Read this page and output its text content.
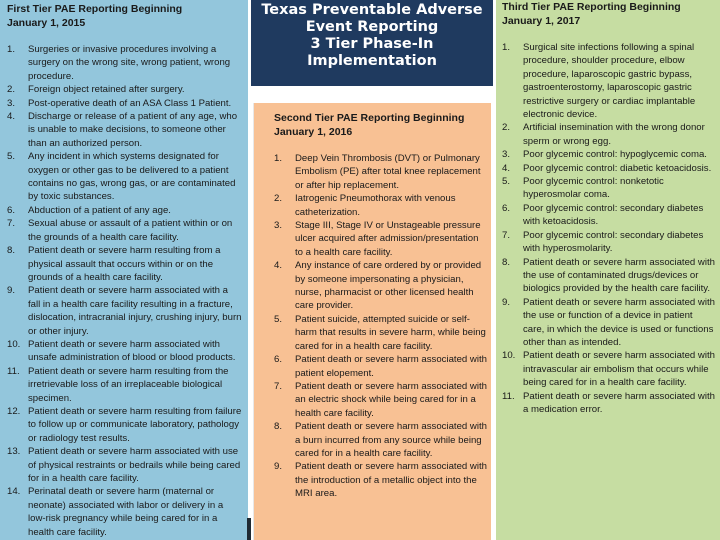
First Tier PAE Reporting Beginning
January 1, 2015
1. Surgeries or invasive procedures involving a surgery on the wrong site, wrong patient, wrong procedure.
2. Foreign object retained after surgery.
3. Post-operative death of an ASA Class 1 Patient.
4. Discharge or release of a patient of any age, who is unable to make decisions, to someone other than an authorized person.
5. Any incident in which systems designated for oxygen or other gas to be delivered to a patient contains no gas, wrong gas, or are contaminated by toxic substances.
6. Abduction of a patient of any age.
7. Sexual abuse or assault of a patient within or on the grounds of a health care facility.
8. Patient death or severe harm resulting from a physical assault that occurs within or on the grounds of a health care facility.
9. Patient death or severe harm associated with a fall in a health care facility resulting in a fracture, dislocation, intracranial injury, crushing injury, burn or other injury.
10. Patient death or severe harm associated with unsafe administration of blood or blood products.
11. Patient death or severe harm resulting from the irretrievable loss of an irreplaceable biological specimen.
12. Patient death or severe harm resulting from failure to follow up or communicate laboratory, pathology or radiology test results.
13. Patient death or severe harm associated with use of physical restraints or bedrails while being cared for in a health care facility.
14. Perinatal death or severe harm (maternal or neonate) associated with labor or delivery in a low-risk pregnancy while being cared for in a health care facility.
Texas Preventable Adverse
Event Reporting
3 Tier Phase-In
Implementation
Second Tier PAE Reporting Beginning
January 1, 2016
1. Deep Vein Thrombosis (DVT) or Pulmonary Embolism (PE) after total knee replacement or after hip replacement.
2. Iatrogenic Pneumothorax with venous catheterization.
3. Stage III, Stage IV or Unstageable pressure ulcer acquired after admission/presentation to a health care facility.
4. Any instance of care ordered by or provided by someone impersonating a physician, nurse, pharmacist or other licensed health care provider.
5. Patient suicide, attempted suicide or self-harm that results in severe harm, while being cared for in a health care facility.
6. Patient death or severe harm associated with patient elopement.
7. Patient death or severe harm associated with an electric shock while being cared for in a health care facility.
8. Patient death or severe harm associated with a burn incurred from any source while being cared for in a health care facility.
9. Patient death or severe harm associated with the introduction of a metallic object into the MRI area.
Third Tier PAE Reporting Beginning
January 1, 2017
1. Surgical site infections following a spinal procedure, shoulder procedure, elbow procedure, laparoscopic gastric bypass, gastroenterostomy, laparoscopic gastric restrictive surgery or cardiac implantable electronic device.
2. Artificial insemination with the wrong donor sperm or wrong egg.
3. Poor glycemic control: hypoglycemic coma.
4. Poor glycemic control: diabetic ketoacidosis.
5. Poor glycemic control: nonketotic hyperosmolar coma.
6. Poor glycemic control: secondary diabetes with ketoacidosis.
7. Poor glycemic control: secondary diabetes with hyperosmolarity.
8. Patient death or severe harm associated with the use of contaminated drugs/devices or biologics provided by the health care facility.
9. Patient death or severe harm associated with the use or function of a device in patient care, in which the device is used or functions other than as intended.
10. Patient death or severe harm associated with intravascular air embolism that occurs while being cared for in a health care facility.
11. Patient death or severe harm associated with a medication error.
